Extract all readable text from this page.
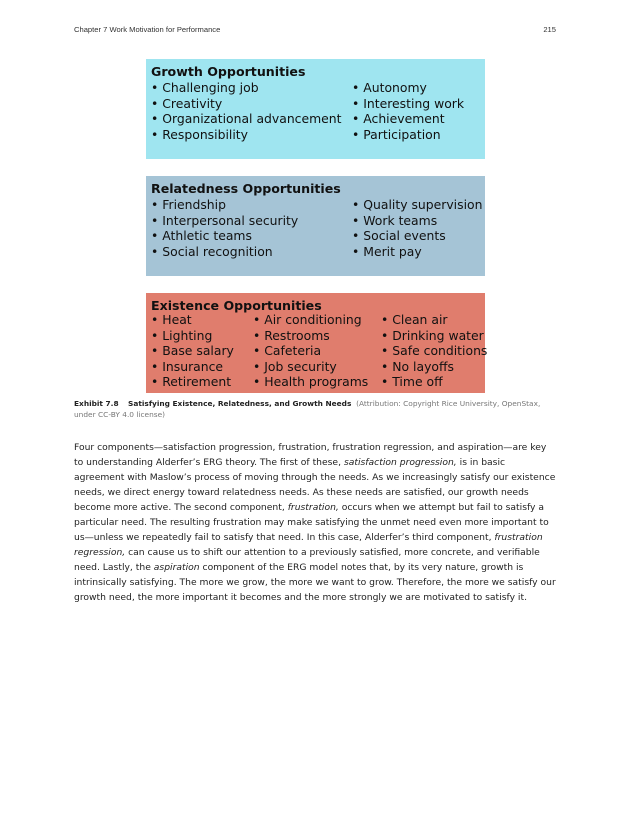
Chapter 7 Work Motivation for Performance	215
Growth Opportunities
• Challenging job
• Creativity
• Organizational advancement
• Responsibility
• Autonomy
• Interesting work
• Achievement
• Participation
Relatedness Opportunities
• Friendship
• Interpersonal security
• Athletic teams
• Social recognition
• Quality supervision
• Work teams
• Social events
• Merit pay
Existence Opportunities
• Heat
• Lighting
• Base salary
• Insurance
• Retirement
• Air conditioning
• Restrooms
• Cafeteria
• Job security
• Health programs
• Clean air
• Drinking water
• Safe conditions
• No layoffs
• Time off
Exhibit 7.8 Satisfying Existence, Relatedness, and Growth Needs (Attribution: Copyright Rice University, OpenStax, under CC-BY 4.0 license)

Four components—satisfaction progression, frustration, frustration regression, and aspiration—are key to understanding Alderfer’s ERG theory. The first of these, satisfaction progression, is in basic agreement with Maslow’s process of moving through the needs. As we increasingly satisfy our existence needs, we direct energy toward relatedness needs. As these needs are satisfied, our growth needs become more active. The second component, frustration, occurs when we attempt but fail to satisfy a particular need. The resulting frustration may make satisfying the unmet need even more important to us—unless we repeatedly fail to satisfy that need. In this case, Alderfer’s third component, frustration regression, can cause us to shift our attention to a previously satisfied, more concrete, and verifiable need. Lastly, the aspiration component of the ERG model notes that, by its very nature, growth is intrinsically satisfying. The more we grow, the more we want to grow. Therefore, the more we satisfy our growth need, the more important it becomes and the more strongly we are motivated to satisfy it.
